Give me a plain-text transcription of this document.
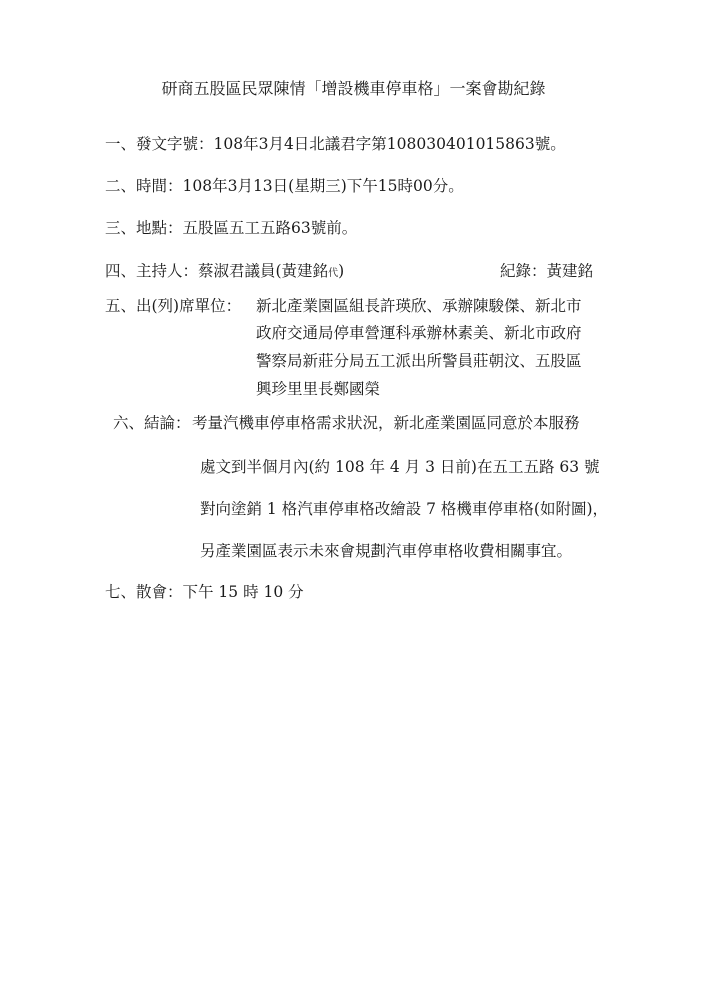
研商五股區民眾陳情「增設機車停車格」一案會勘紀錄
一、發文字號：108年3月4日北議君字第108030401015863號。
二、時間：108年3月13日(星期三)下午15時00分。
三、地點：五股區五工五路63號前。
四、主持人：蔡淑君議員(黃建銘代)	紀錄：黃建銘
五、出(列)席單位： 新北產業園區組長許瑛欣、承辦陳駿傑、新北市
政府交通局停車營運科承辦林素美、新北市政府
警察局新莊分局五工派出所警員莊朝汶、五股區
興珍里里長鄭國榮
六、結論： 考量汽機車停車格需求狀況，新北產業園區同意於本服務
處文到半個月內(約 108 年 4 月 3 日前)在五工五路 63 號
對向塗銷 1 格汽車停車格改繪設 7 格機車停車格(如附圖)，
另產業園區表示未來會規劃汽車停車格收費相關事宜。
七、散會：下午 15 時 10 分
